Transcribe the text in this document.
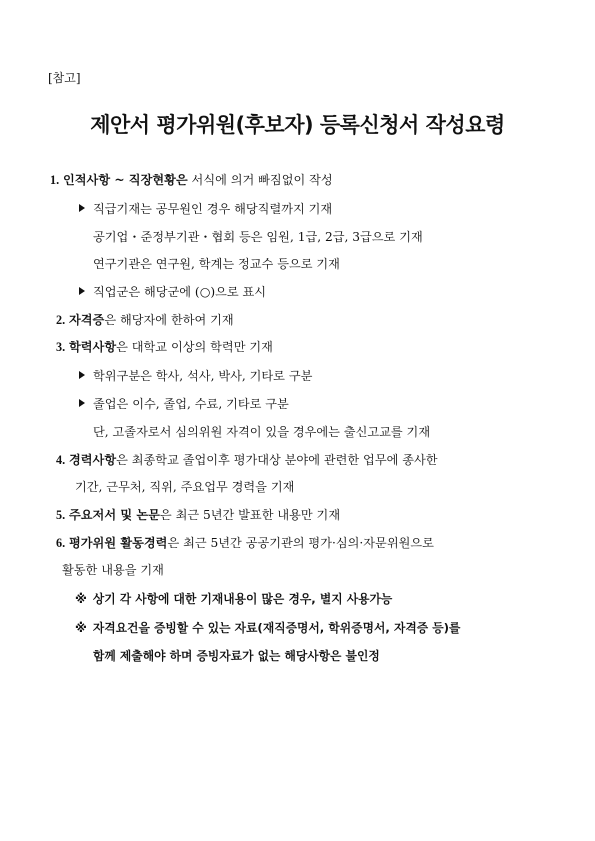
[참고]
제안서 평가위원(후보자) 등록신청서 작성요령
1. 인적사항 ~ 직장현황은 서식에 의거 빠짐없이 작성
직급기재는 공무원인 경우 해당직렬까지 기재
공기업・준정부기관・협회 등은 임원, 1급, 2급, 3급으로 기재
연구기관은 연구원, 학계는 정교수 등으로 기재
직업군은 해당군에 (○)으로 표시
2. 자격증은 해당자에 한하여 기재
3. 학력사항은 대학교 이상의 학력만 기재
학위구분은 학사, 석사, 박사, 기타로 구분
졸업은 이수, 졸업, 수료, 기타로 구분
단, 고졸자로서 심의위원 자격이 있을 경우에는 출신고교를 기재
4. 경력사항은 최종학교 졸업이후 평가대상 분야에 관련한 업무에 종사한
기간, 근무처, 직위, 주요업무 경력을 기재
5. 주요저서 및 논문은 최근 5년간 발표한 내용만 기재
6. 평가위원 활동경력은 최근 5년간 공공기관의 평가·심의·자문위원으로
활동한 내용을 기재
※ 상기 각 사항에 대한 기재내용이 많은 경우, 별지 사용가능
※ 자격요건을 증빙할 수 있는 자료(재직증명서, 학위증명서, 자격증 등)를
함께 제출해야 하며 증빙자료가 없는 해당사항은 불인정
